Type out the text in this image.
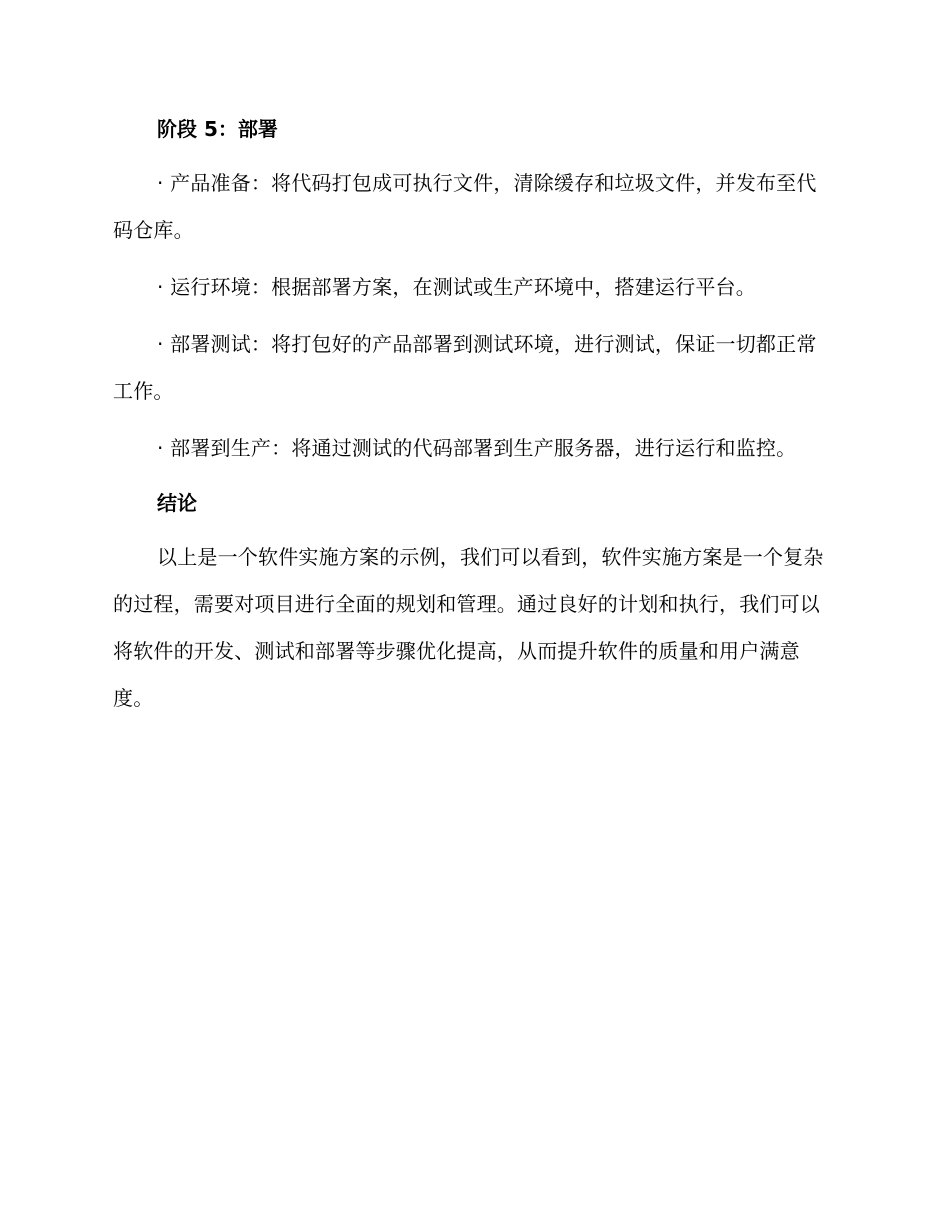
阶段 5：部署

· 产品准备：将代码打包成可执行文件，清除缓存和垃圾文件，并发布至代码仓库。

· 运行环境：根据部署方案，在测试或生产环境中，搭建运行平台。

· 部署测试：将打包好的产品部署到测试环境，进行测试，保证一切都正常工作。

· 部署到生产：将通过测试的代码部署到生产服务器，进行运行和监控。

结论

以上是一个软件实施方案的示例，我们可以看到，软件实施方案是一个复杂的过程，需要对项目进行全面的规划和管理。通过良好的计划和执行，我们可以将软件的开发、测试和部署等步骤优化提高，从而提升软件的质量和用户满意度。
